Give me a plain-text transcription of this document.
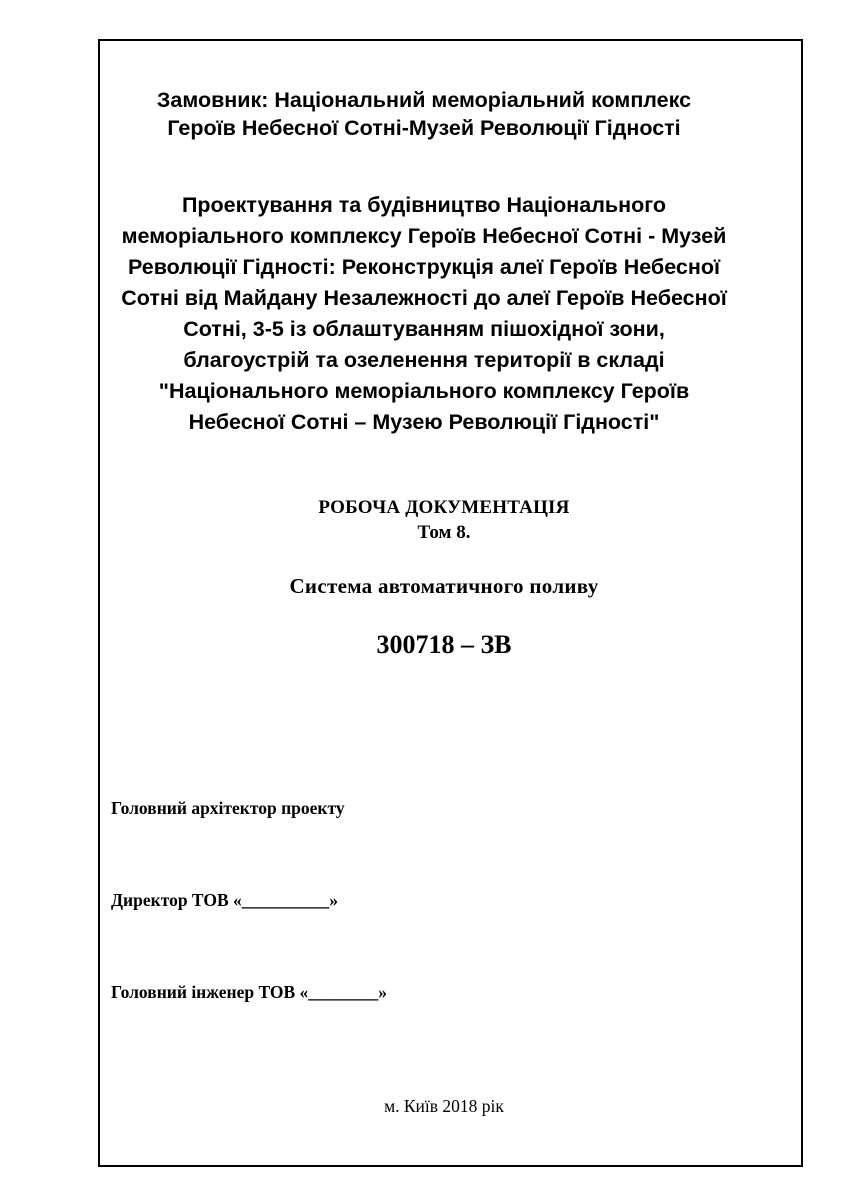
Замовник: Національний меморіальний комплекс
Героїв Небесної Сотні-Музей Революції Гідності
Проектування та будівництво Національного
меморіального комплексу Героїв Небесної Сотні - Музей
Революції Гідності: Реконструкція алеї Героїв Небесної
Сотні від Майдану Незалежності до алеї Героїв Небесної
Сотні, 3-5 із облаштуванням пішохідної зони,
благоустрій та озеленення території в складі
"Національного меморіального комплексу Героїв
Небесної Сотні – Музею Революції Гідності"
РОБОЧА ДОКУМЕНТАЦІЯ
Том 8.
Система автоматичного поливу
300718 – ЗВ
Головний архітектор проекту
Директор ТОВ «__________»
Головний інженер ТОВ «________»
м. Київ 2018 рік
